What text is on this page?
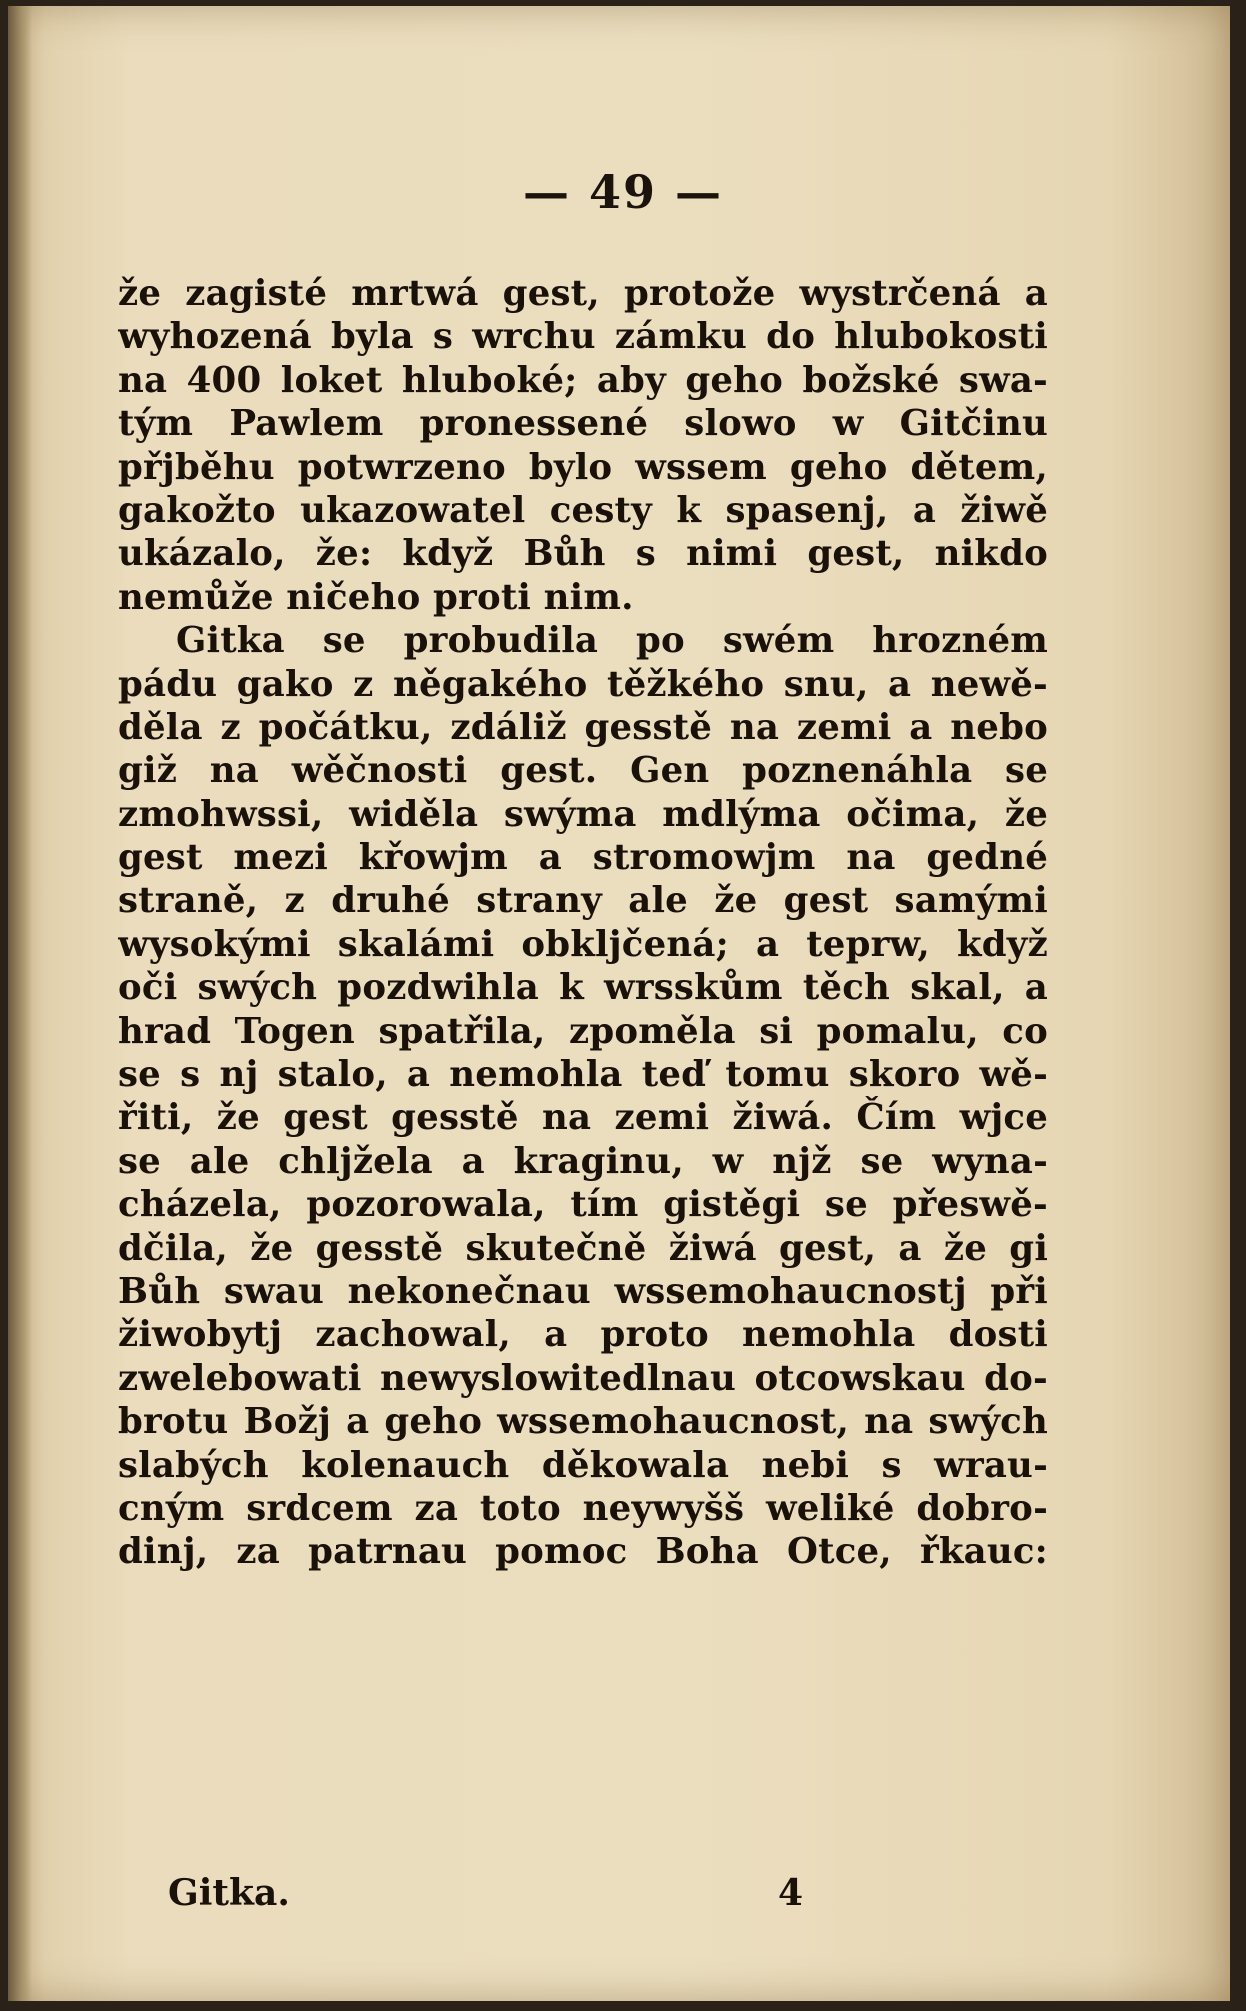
— 49 —
že zagisté mrtwá gest, protože wystrčená a
wyhozená byla s wrchu zámku do hlubokosti
na 400 loket hluboké; aby geho božské swa-
tým Pawlem pronessené slowo w Gitčinu
přjběhu potwrzeno bylo wssem geho dětem,
gakožto ukazowatel cesty k spasenj, a žiwě
ukázalo, že: když Bůh s nimi gest, nikdo
nemůže ničeho proti nim.
Gitka se probudila po swém hrozném
pádu gako z něgakého těžkého snu, a newě-
děla z počátku, zdáliž gesstě na zemi a nebo
giž na wěčnosti gest. Gen poznenáhla se
zmohwssi, widěla swýma mdlýma očima, že
gest mezi křowjm a stromowjm na gedné
straně, z druhé strany ale že gest samými
wysokými skalámi obkljčená; a teprw, když
oči swých pozdwihla k wrsskům těch skal, a
hrad Togen spatřila, zpoměla si pomalu, co
se s nj stalo, a nemohla teď tomu skoro wě-
řiti, že gest gesstě na zemi žiwá. Čím wjce
se ale chljžela a kraginu, w njž se wyna-
cházela, pozorowala, tím gistěgi se přeswě-
dčila, že gesstě skutečně žiwá gest, a že gi
Bůh swau nekonečnau wssemohaucnostj při
žiwobytj zachowal, a proto nemohla dosti
zwelebowati newyslowitedlnau otcowskau do-
brotu Božj a geho wssemohaucnost, na swých
slabých kolenauch děkowala nebi s wrau-
cným srdcem za toto neywyšš weliké dobro-
dinj, za patrnau pomoc Boha Otce, řkauc:
Gitka.	4
